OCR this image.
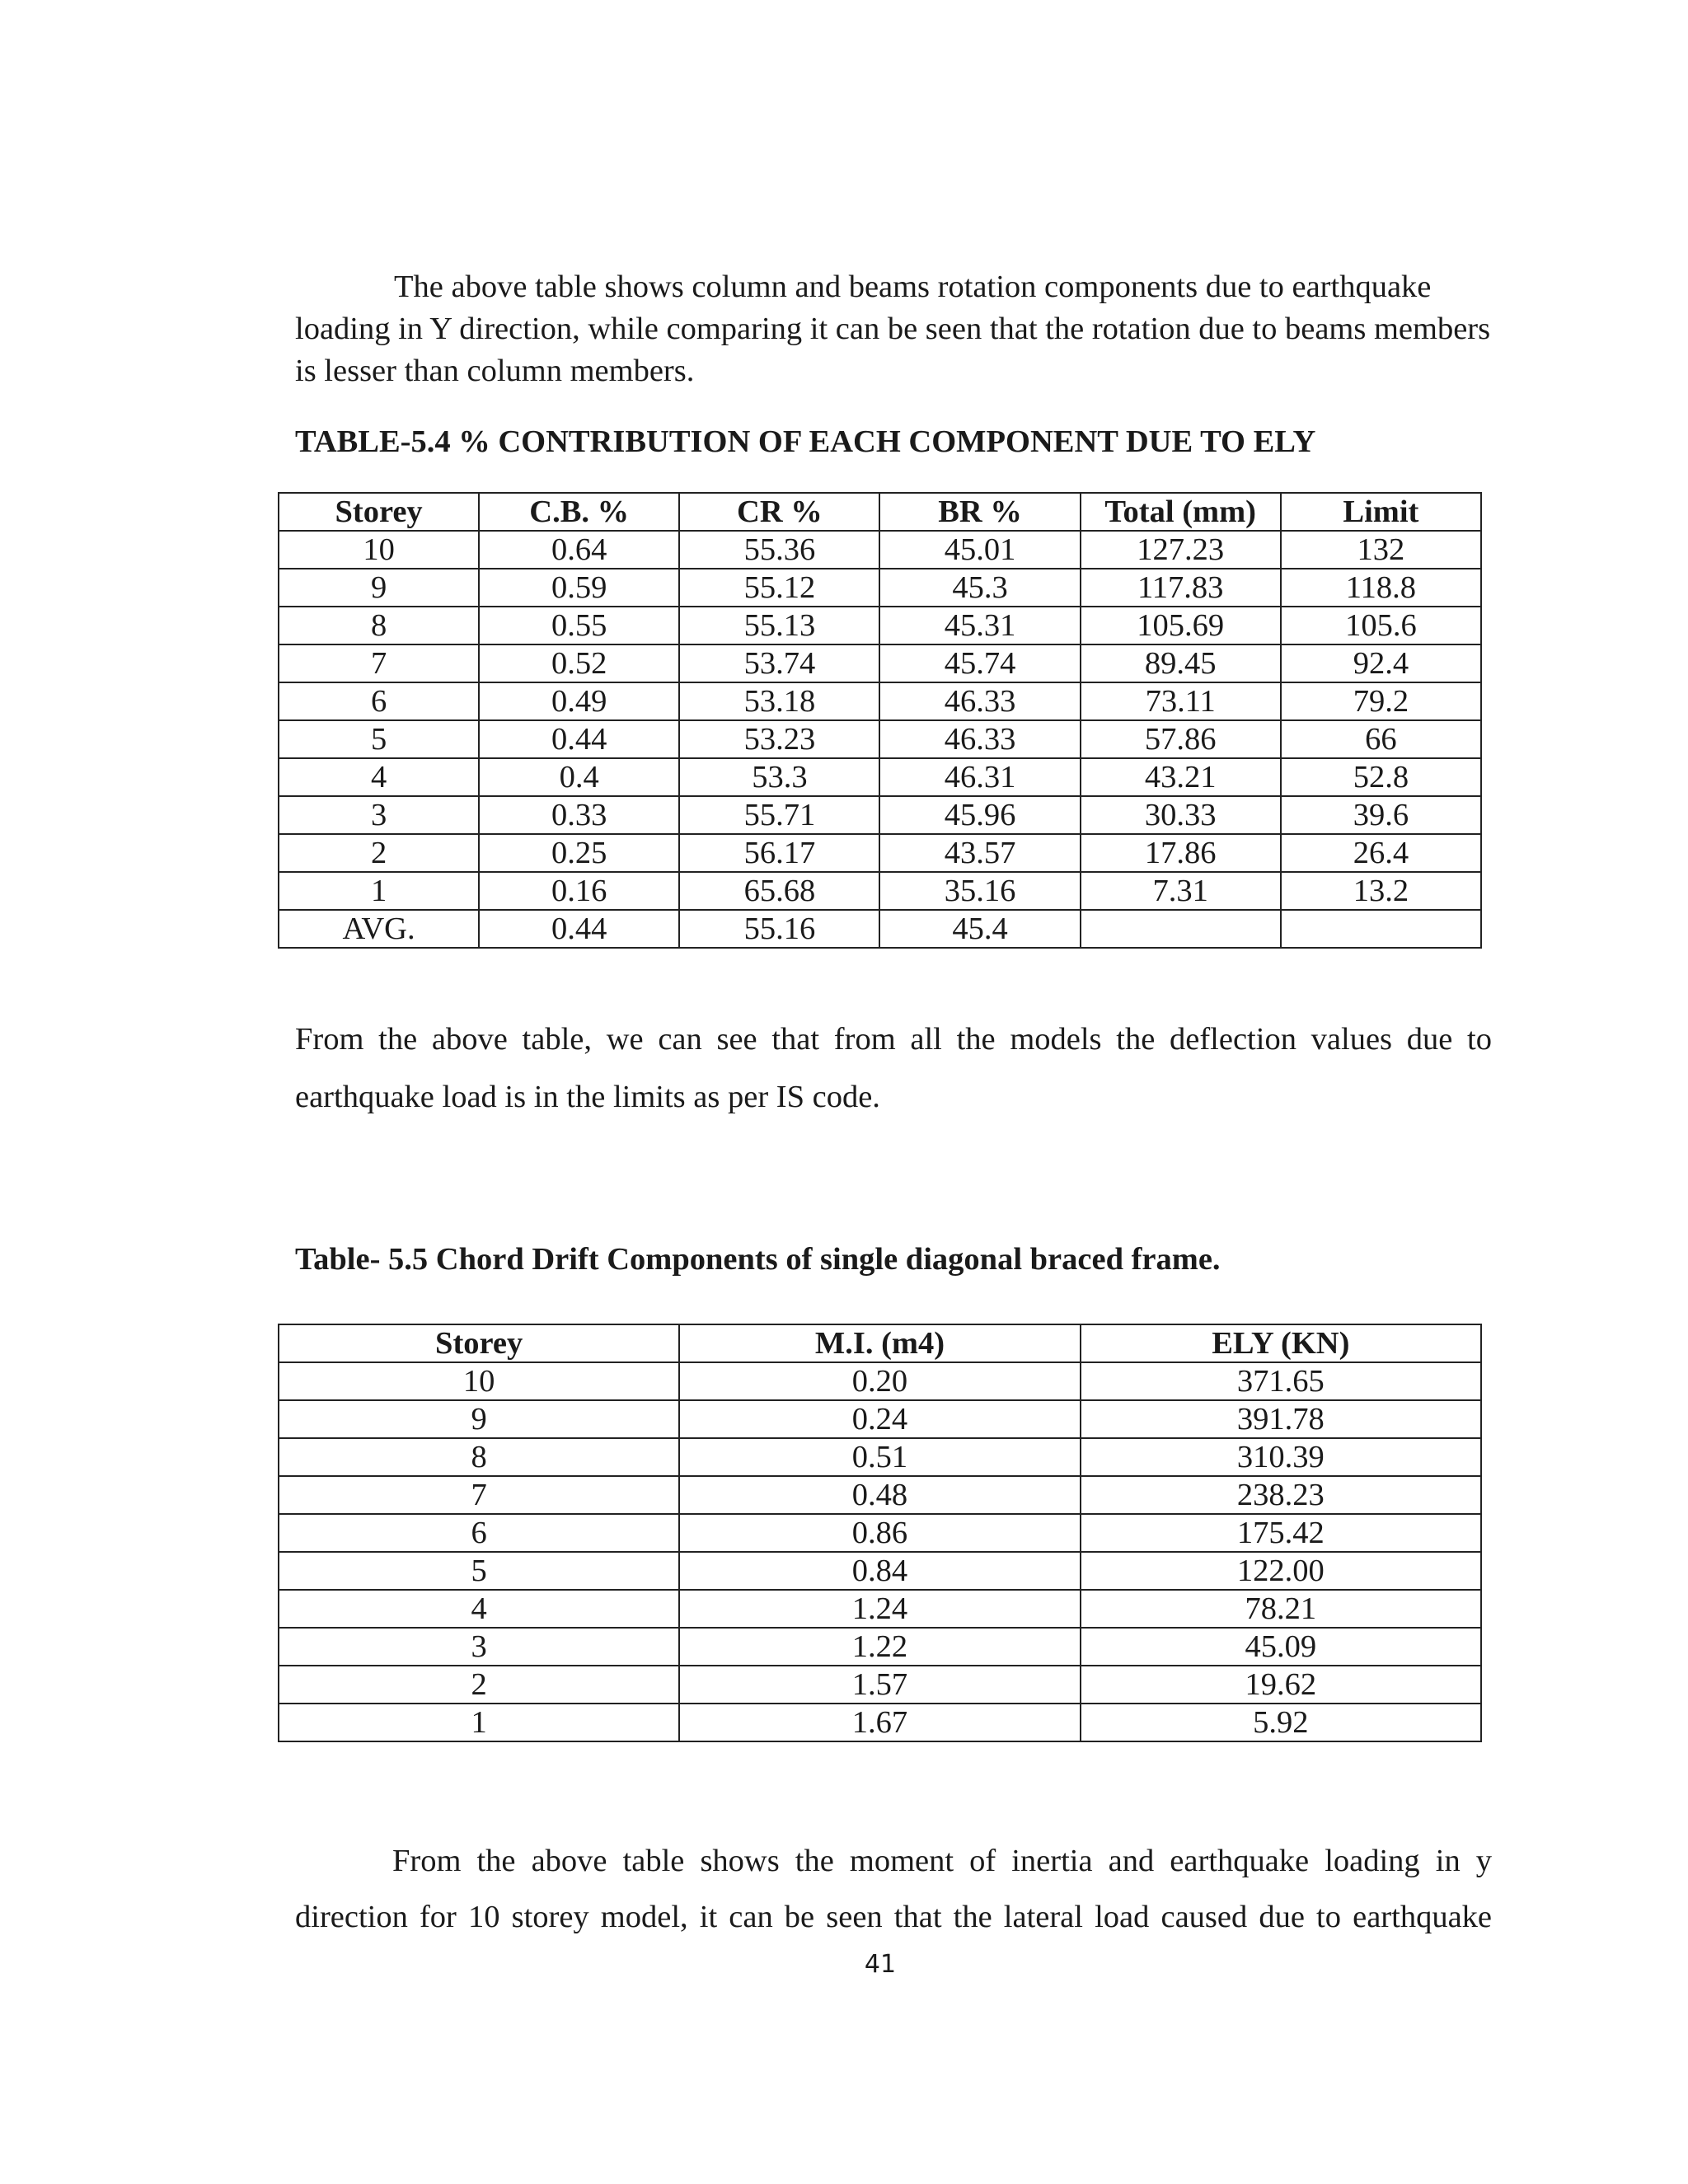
The above table shows column and beams rotation components due to earthquake loading in Y direction, while comparing it can be seen that the rotation due to beams members is lesser than column members.

TABLE-5.4 % CONTRIBUTION OF EACH COMPONENT DUE TO ELY

Storey	C.B. %	CR %	BR %	Total (mm)	Limit
10	0.64	55.36	45.01	127.23	132
9	0.59	55.12	45.3	117.83	118.8
8	0.55	55.13	45.31	105.69	105.6
7	0.52	53.74	45.74	89.45	92.4
6	0.49	53.18	46.33	73.11	79.2
5	0.44	53.23	46.33	57.86	66
4	0.4	53.3	46.31	43.21	52.8
3	0.33	55.71	45.96	30.33	39.6
2	0.25	56.17	43.57	17.86	26.4
1	0.16	65.68	35.16	7.31	13.2
AVG.	0.44	55.16	45.4		

From the above table, we can see that from all the models the deflection values due to earthquake load is in the limits as per IS code.

Table- 5.5 Chord Drift Components of single diagonal braced frame.

Storey	M.I. (m4)	ELY (KN)
10	0.20	371.65
9	0.24	391.78
8	0.51	310.39
7	0.48	238.23
6	0.86	175.42
5	0.84	122.00
4	1.24	78.21
3	1.22	45.09
2	1.57	19.62
1	1.67	5.92

From the above table shows the moment of inertia and earthquake loading in y direction for 10 storey model, it can be seen that the lateral load caused due to earthquake

41
